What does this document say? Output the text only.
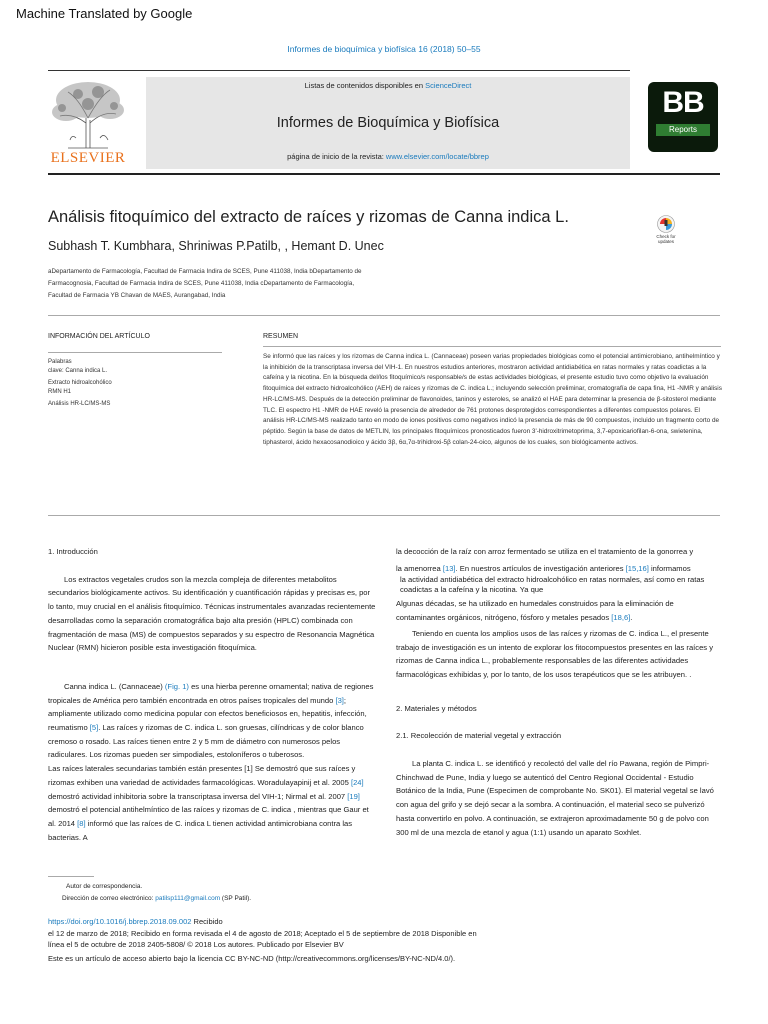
Machine Translated by Google
Informes de bioquímica y biofísica 16 (2018) 50–55
ELSEVIER
Listas de contenidos disponibles en ScienceDirect
Informes de Bioquímica y Biofísica
página de inicio de la revista: www.elsevier.com/locate/bbrep
BB
Reports
Análisis fitoquímico del extracto de raíces y rizomas de Canna indica L.
Subhash T. Kumbhara, Shriniwas P.Patilb, , Hemant D. Unec
Check for updates
aDepartamento de Farmacología, Facultad de Farmacia Indira de SCES, Pune 411038, India bDepartamento de Farmacognosia, Facultad de Farmacia Indira de SCES, Pune 411038, India cDepartamento de Farmacología, Facultad de Farmacia YB Chavan de MAES, Aurangabad, India
INFORMACIÓN DEL ARTÍCULO
Palabras
clave: Canna indica L.
Extracto hidroalcohólico
RMN H1
Análisis HR-LC/MS-MS
RESUMEN
Se informó que las raíces y los rizomas de Canna indica L. (Cannaceae) poseen varias propiedades biológicas como el potencial antimicrobiano, antihelmíntico y la inhibición de la transcriptasa inversa del VIH-1. En nuestros estudios anteriores, mostraron actividad antidiabética en ratas normales y ratas coadictas a la cafeína y la nicotina. En la búsqueda del/los fitoquímico/s responsable/s de estas actividades biológicas, el presente estudio tuvo como objetivo la evaluación fitoquímica del extracto hidroalcohólico (AEH) de raíces y rizomas de C. indica L.; incluyendo selección preliminar, cromatografía de capa fina, H1 -NMR y análisis HR-LC/MS-MS. Después de la detección preliminar de flavonoides, taninos y esteroles, se analizó el HAE para determinar la presencia de β-sitosterol mediante TLC. El espectro H1 -NMR de HAE reveló la presencia de alrededor de 761 protones desprotegidos correspondientes a diferentes compuestos polares. El análisis HR-LC/MS-MS realizado tanto en modo de iones positivos como negativos indicó la presencia de más de 90 compuestos, incluido un fragmento corto de péptido. Según la base de datos de METLIN, los principales fitoquímicos pronosticados fueron 3'-hidroxitrimetoprima, 3,7-epoxicariofilan-6-ona, swietenina, tiphasterol, ácido hexacosanodioico y ácido 3β, 6α,7α-trihidroxi-5β colan-24-oico, algunos de los cuales, son biológicamente activos.

1. Introducción

Los extractos vegetales crudos son la mezcla compleja de diferentes metabolitos secundarios biológicamente activos. Su identificación y cuantificación rápidas y precisas es, por lo tanto, muy crucial en el análisis fitoquímico. Técnicas instrumentales avanzadas recientemente desarrolladas como la separación cromatográfica bajo alta presión (HPLC) combinada con fragmentación de masa (MS) de compuestos separados y su espectro de Resonancia Magnética Nuclear (RMN) hicieron posible esta investigación fitoquímica.

Canna indica L. (Cannaceae) (Fig. 1) es una hierba perenne ornamental; nativa de regiones tropicales de América pero también encontrada en otros países tropicales del mundo [3]; ampliamente utilizado como medicina popular con efectos beneficiosos en, hepatitis, infección, reumatismo [5]. Las raíces y rizomas de C. indica L. son gruesas, cilíndricas y de color blanco cremoso o rosado. Las raíces tienen entre 2 y 5 mm de diámetro con numerosos pelos radiculares. Los rizomas pueden ser simpodiales, estoloníferos o tuberosos.

Las raíces laterales secundarias también están presentes [1] Se demostró que sus raíces y rizomas exhiben una variedad de actividades farmacológicas. Woradulayapinij et al. 2005 [24] demostró actividad inhibitoria sobre la transcriptasa inversa del VIH-1; Nirmal et al. 2007 [19] demostró el potencial antihelmíntico de las raíces y rizomas de C. indica , mientras que Gaur et al. 2014 [8] informó que las raíces de C. indica L tienen actividad antimicrobiana contra las bacterias. A

la decocción de la raíz con arroz fermentado se utiliza en el tratamiento de la gonorrea y

la amenorrea [13]. En nuestros artículos de investigación anteriores [15,16] informamos

la actividad antidiabética del extracto hidroalcohólico en ratas normales, así como en ratas coadictas a la cafeína y la nicotina. Ya que

Algunas décadas, se ha utilizado en humedales construidos para la eliminación de contaminantes orgánicos, nitrógeno, fósforo y metales pesados [18,6].

Teniendo en cuenta los amplios usos de las raíces y rizomas de C. indica L., el presente trabajo de investigación es un intento de explorar los fitocompuestos presentes en las raíces y rizomas de Canna indica L., probablemente responsables de las diferentes actividades farmacológicas exhibidas y, por lo tanto, de los usos terapéuticos que se les atribuyen. .

2. Materiales y métodos

2.1. Recolección de material vegetal y extracción

La planta C. indica L. se identificó y recolectó del valle del río Pawana, región de Pimpri-Chinchwad de Pune, India y luego se autenticó del Centro Regional Occidental - Estudio Botánico de la India, Pune (Especimen de comprobante No. SK01). El material vegetal se lavó con agua del grifo y se dejó secar a la sombra. A continuación, el material seco se pulverizó hasta convertirlo en polvo. A continuación, se extrajeron aproximadamente 50 g de polvo con 300 ml de una mezcla de etanol y agua (1:1) usando un aparato Soxhlet.

Autor de correspondencia.
Dirección de correo electrónico: patilsp111@gmail.com (SP Patil).
https://doi.org/10.1016/j.bbrep.2018.09.002 Recibido
el 12 de marzo de 2018; Recibido en forma revisada el 4 de agosto de 2018; Aceptado el 5 de septiembre de 2018 Disponible en línea el 5 de octubre de 2018 2405-5808/ © 2018 Los autores. Publicado por Elsevier BV
Este es un artículo de acceso abierto bajo la licencia CC BY-NC-ND (http://creativecommons.org/licenses/BY-NC-ND/4.0/).
